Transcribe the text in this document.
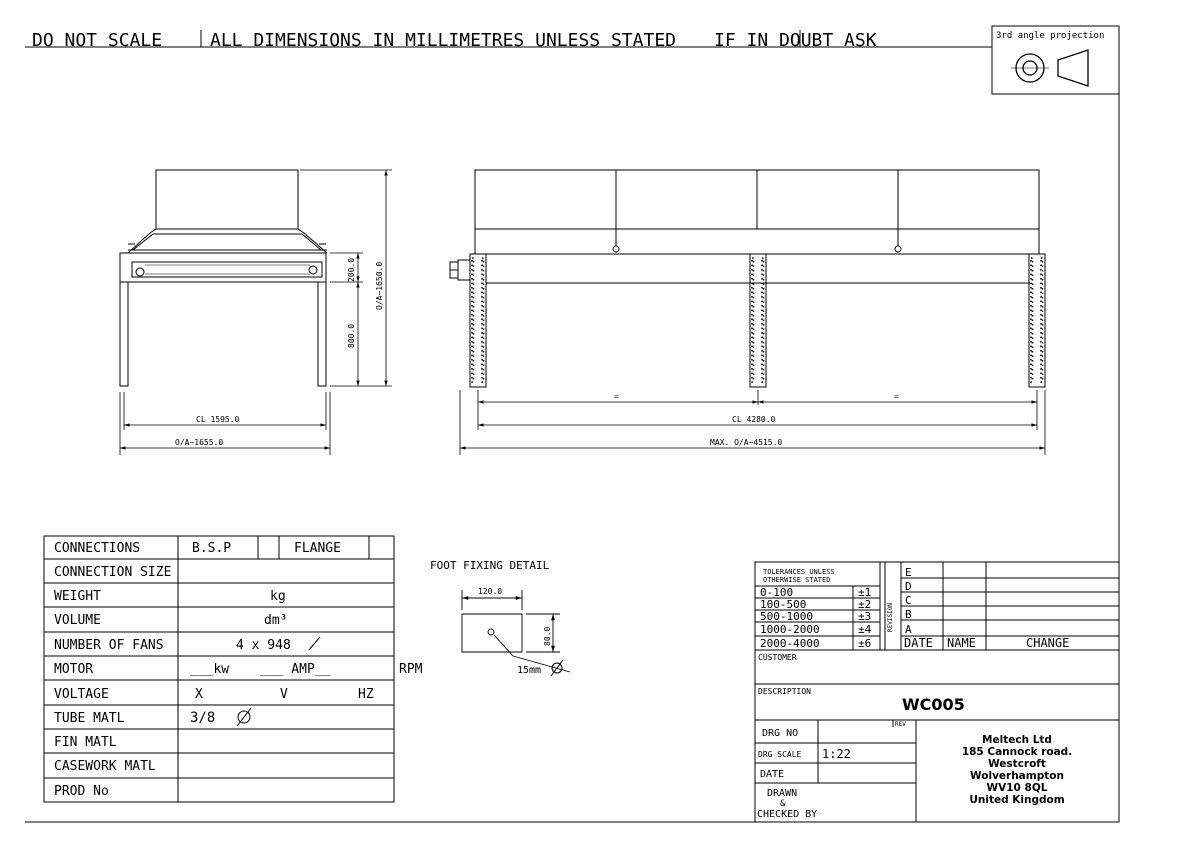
DO NOT SCALE	ALL DIMENSIONS IN MILLIMETRES UNLESS STATED IF IN DOUBT ASK	3rd angle projection
200.0
800.0
O/A~1650.0
CL 1595.0
O/A~1655.0
=	=
CL 4280.0
MAX. O/A~4515.0
CONNECTIONS	B.S.P	FLANGE
CONNECTION SIZE
WEIGHT	kg
VOLUME	dm³
NUMBER OF FANS	4 x 948
MOTOR	___kw ___ AMP__	RPM
VOLTAGE	X	V	HZ
TUBE MATL	3/8
FIN MATL
CASEWORK MATL
PROD No
FOOT FIXING DETAIL
120.0
80.0
15mm
TOLERANCES UNLESS
OTHERWISE STATED
0-100	±1
100-500	±2
500-1000	±3
1000-2000	±4
2000-4000	±6
REVISION
E
D
C
B
A
DATE NAME	CHANGE
CUSTOMER
DESCRIPTION
WC005
DRG NO
REV
DRG SCALE 1:22
DATE
DRAWN
&
CHECKED BY
Meltech Ltd
185 Cannock road.
Westcroft
Wolverhampton
WV10 8QL
United Kingdom
